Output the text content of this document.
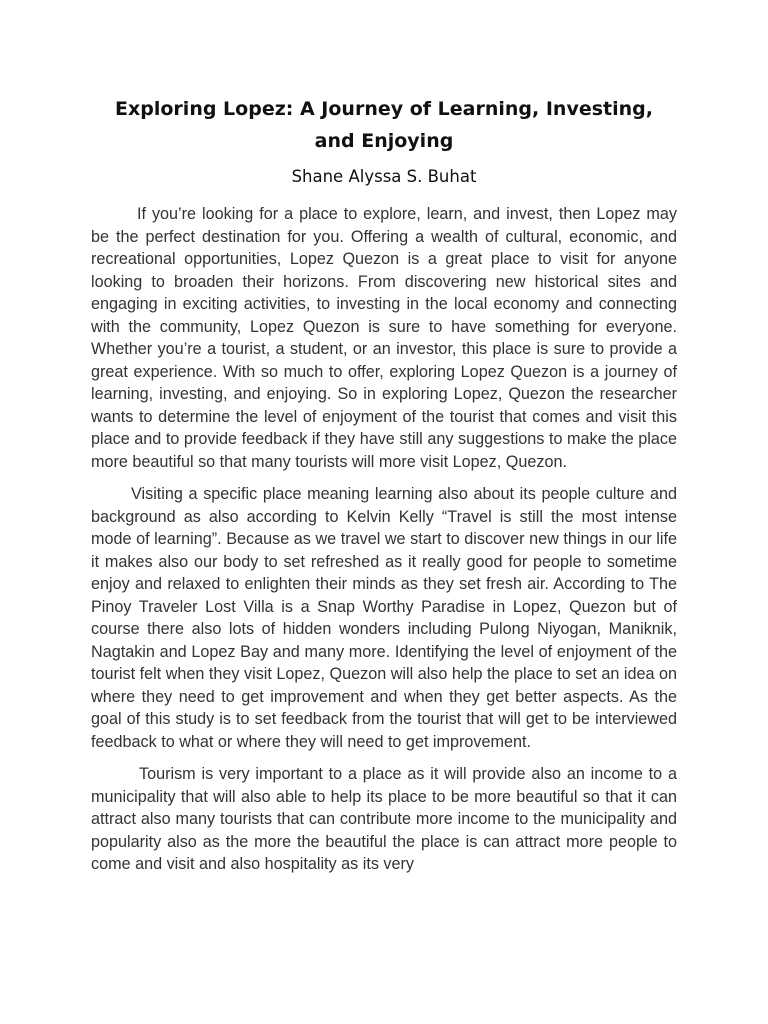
Exploring Lopez: A Journey of Learning, Investing, and Enjoying
Shane Alyssa S. Buhat

If you’re looking for a place to explore, learn, and invest, then Lopez may be the perfect destination for you. Offering a wealth of cultural, economic, and recreational opportunities, Lopez Quezon is a great place to visit for anyone looking to broaden their horizons. From discovering new historical sites and engaging in exciting activities, to investing in the local economy and connecting with the community, Lopez Quezon is sure to have something for everyone. Whether you’re a tourist, a student, or an investor, this place is sure to provide a great experience. With so much to offer, exploring Lopez Quezon is a journey of learning, investing, and enjoying. So in exploring Lopez, Quezon the researcher wants to determine the level of enjoyment of the tourist that comes and visit this place and to provide feedback if they have still any suggestions to make the place more beautiful so that many tourists will more visit Lopez, Quezon.

Visiting a specific place meaning learning also about its people culture and background as also according to Kelvin Kelly “Travel is still the most intense mode of learning”. Because as we travel we start to discover new things in our life it makes also our body to set refreshed as it really good for people to sometime enjoy and relaxed to enlighten their minds as they set fresh air. According to The Pinoy Traveler Lost Villa is a Snap Worthy Paradise in Lopez, Quezon but of course there also lots of hidden wonders including Pulong Niyogan, Maniknik, Nagtakin and Lopez Bay and many more. Identifying the level of enjoyment of the tourist felt when they visit Lopez, Quezon will also help the place to set an idea on where they need to get improvement and when they get better aspects. As the goal of this study is to set feedback from the tourist that will get to be interviewed feedback to what or where they will need to get improvement.

Tourism is very important to a place as it will provide also an income to a municipality that will also able to help its place to be more beautiful so that it can attract also many tourists that can contribute more income to the municipality and popularity also as the more the beautiful the place is can attract more people to come and visit and also hospitality as its very
